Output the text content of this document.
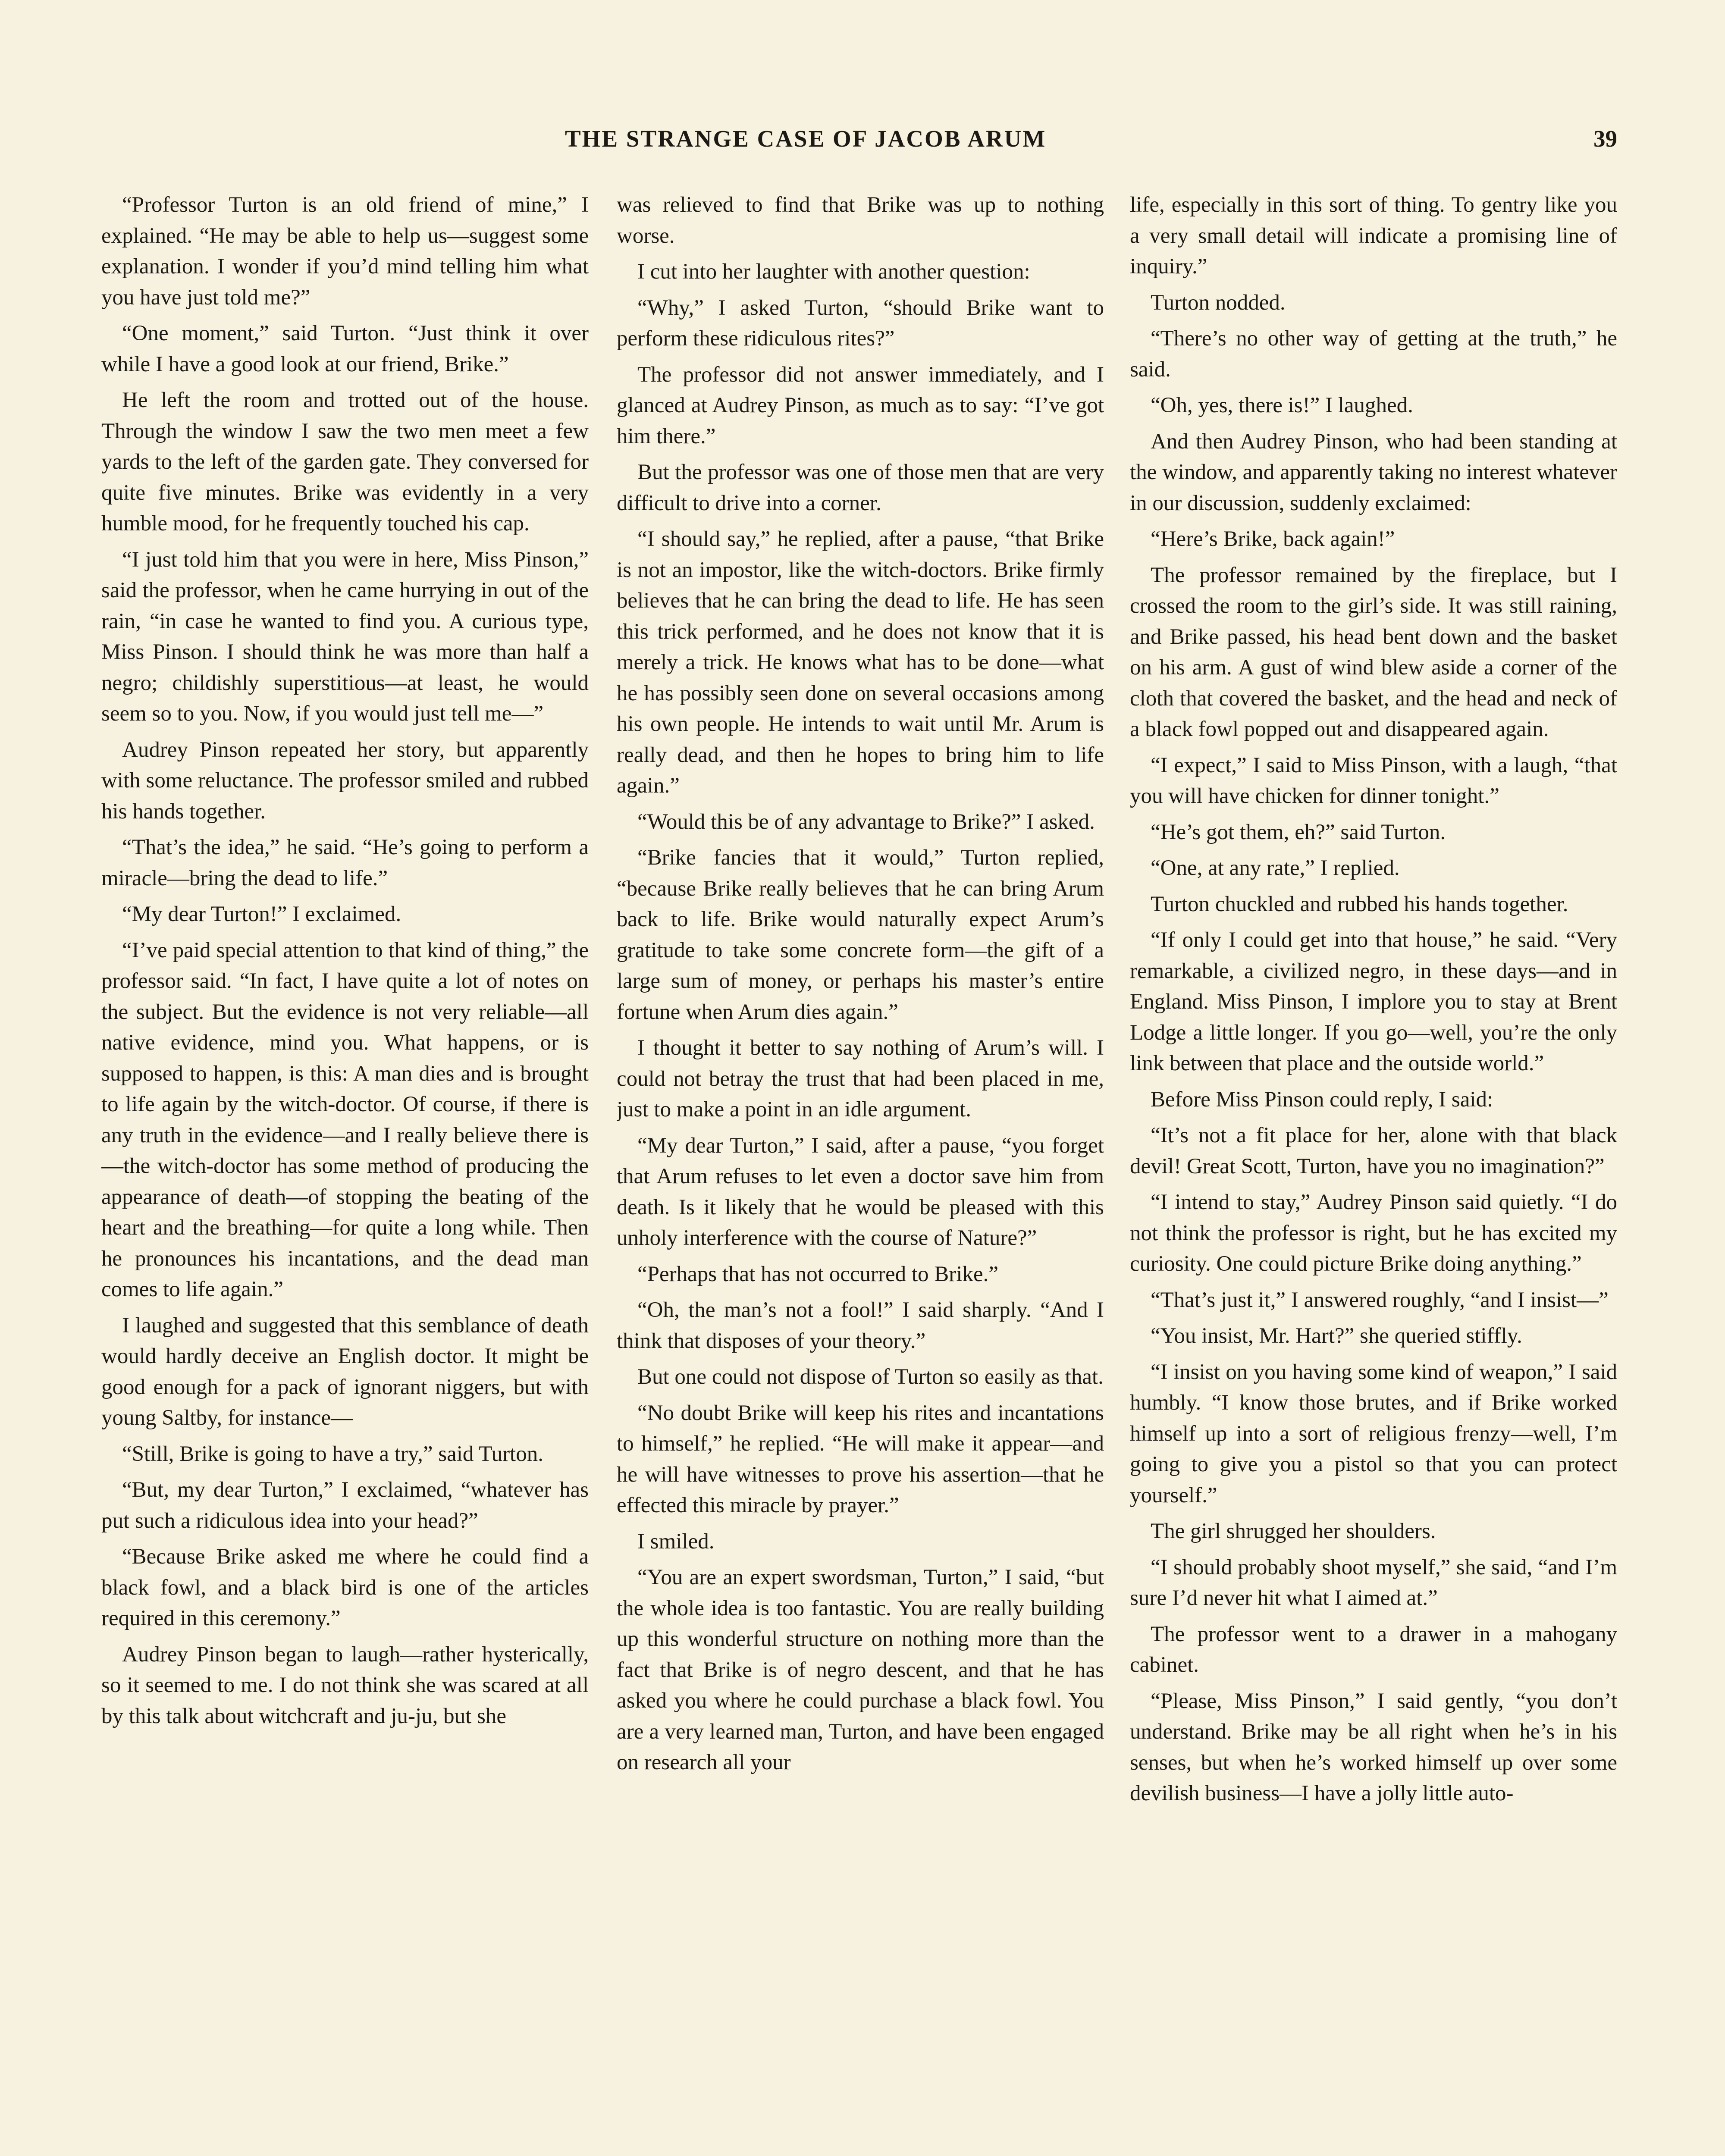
THE STRANGE CASE OF JACOB ARUM	39

“Professor Turton is an old friend of mine,” I explained. “He may be able to help us—suggest some explanation. I wonder if you’d mind telling him what you have just told me?”

“One moment,” said Turton. “Just think it over while I have a good look at our friend, Brike.”

He left the room and trotted out of the house. Through the window I saw the two men meet a few yards to the left of the garden gate. They conversed for quite five minutes. Brike was evidently in a very humble mood, for he frequently touched his cap.

“I just told him that you were in here, Miss Pinson,” said the professor, when he came hurrying in out of the rain, “in case he wanted to find you. A curious type, Miss Pinson. I should think he was more than half a negro; childishly superstitious—at least, he would seem so to you. Now, if you would just tell me—”

Audrey Pinson repeated her story, but apparently with some reluctance. The professor smiled and rubbed his hands together.

“That’s the idea,” he said. “He’s going to perform a miracle—bring the dead to life.”

“My dear Turton!” I exclaimed.

“I’ve paid special attention to that kind of thing,” the professor said. “In fact, I have quite a lot of notes on the subject. But the evidence is not very reliable—all native evidence, mind you. What happens, or is supposed to happen, is this: A man dies and is brought to life again by the witch-doctor. Of course, if there is any truth in the evidence—and I really believe there is—the witch-doctor has some method of producing the appearance of death—of stopping the beating of the heart and the breathing—for quite a long while. Then he pronounces his incantations, and the dead man comes to life again.”

I laughed and suggested that this semblance of death would hardly deceive an English doctor. It might be good enough for a pack of ignorant niggers, but with young Saltby, for instance—

“Still, Brike is going to have a try,” said Turton.

“But, my dear Turton,” I exclaimed, “whatever has put such a ridiculous idea into your head?”

“Because Brike asked me where he could find a black fowl, and a black bird is one of the articles required in this ceremony.”

Audrey Pinson began to laugh—rather hysterically, so it seemed to me. I do not think she was scared at all by this talk about witchcraft and ju-ju, but she

was relieved to find that Brike was up to nothing worse.

I cut into her laughter with another question:

“Why,” I asked Turton, “should Brike want to perform these ridiculous rites?”

The professor did not answer immediately, and I glanced at Audrey Pinson, as much as to say: “I’ve got him there.”

But the professor was one of those men that are very difficult to drive into a corner.

“I should say,” he replied, after a pause, “that Brike is not an impostor, like the witch-doctors. Brike firmly believes that he can bring the dead to life. He has seen this trick performed, and he does not know that it is merely a trick. He knows what has to be done—what he has possibly seen done on several occasions among his own people. He intends to wait until Mr. Arum is really dead, and then he hopes to bring him to life again.”

“Would this be of any advantage to Brike?” I asked.

“Brike fancies that it would,” Turton replied, “because Brike really believes that he can bring Arum back to life. Brike would naturally expect Arum’s gratitude to take some concrete form—the gift of a large sum of money, or perhaps his master’s entire fortune when Arum dies again.”

I thought it better to say nothing of Arum’s will. I could not betray the trust that had been placed in me, just to make a point in an idle argument.

“My dear Turton,” I said, after a pause, “you forget that Arum refuses to let even a doctor save him from death. Is it likely that he would be pleased with this unholy interference with the course of Nature?”

“Perhaps that has not occurred to Brike.”

“Oh, the man’s not a fool!” I said sharply. “And I think that disposes of your theory.”

But one could not dispose of Turton so easily as that.

“No doubt Brike will keep his rites and incantations to himself,” he replied. “He will make it appear—and he will have witnesses to prove his assertion—that he effected this miracle by prayer.”

I smiled.

“You are an expert swordsman, Turton,” I said, “but the whole idea is too fantastic. You are really building up this wonderful structure on nothing more than the fact that Brike is of negro descent, and that he has asked you where he could purchase a black fowl. You are a very learned man, Turton, and have been engaged on research all your

life, especially in this sort of thing. To gentry like you a very small detail will indicate a promising line of inquiry.”

Turton nodded.

“There’s no other way of getting at the truth,” he said.

“Oh, yes, there is!” I laughed.

And then Audrey Pinson, who had been standing at the window, and apparently taking no interest whatever in our discussion, suddenly exclaimed:

“Here’s Brike, back again!”

The professor remained by the fireplace, but I crossed the room to the girl’s side. It was still raining, and Brike passed, his head bent down and the basket on his arm. A gust of wind blew aside a corner of the cloth that covered the basket, and the head and neck of a black fowl popped out and disappeared again.

“I expect,” I said to Miss Pinson, with a laugh, “that you will have chicken for dinner tonight.”

“He’s got them, eh?” said Turton.

“One, at any rate,” I replied.

Turton chuckled and rubbed his hands together.

“If only I could get into that house,” he said. “Very remarkable, a civilized negro, in these days—and in England. Miss Pinson, I implore you to stay at Brent Lodge a little longer. If you go—well, you’re the only link between that place and the outside world.”

Before Miss Pinson could reply, I said:

“It’s not a fit place for her, alone with that black devil! Great Scott, Turton, have you no imagination?”

“I intend to stay,” Audrey Pinson said quietly. “I do not think the professor is right, but he has excited my curiosity. One could picture Brike doing anything.”

“That’s just it,” I answered roughly, “and I insist—”

“You insist, Mr. Hart?” she queried stiffly.

“I insist on you having some kind of weapon,” I said humbly. “I know those brutes, and if Brike worked himself up into a sort of religious frenzy—well, I’m going to give you a pistol so that you can protect yourself.”

The girl shrugged her shoulders.

“I should probably shoot myself,” she said, “and I’m sure I’d never hit what I aimed at.”

The professor went to a drawer in a mahogany cabinet.

“Please, Miss Pinson,” I said gently, “you don’t understand. Brike may be all right when he’s in his senses, but when he’s worked himself up over some devilish business—I have a jolly little auto-
